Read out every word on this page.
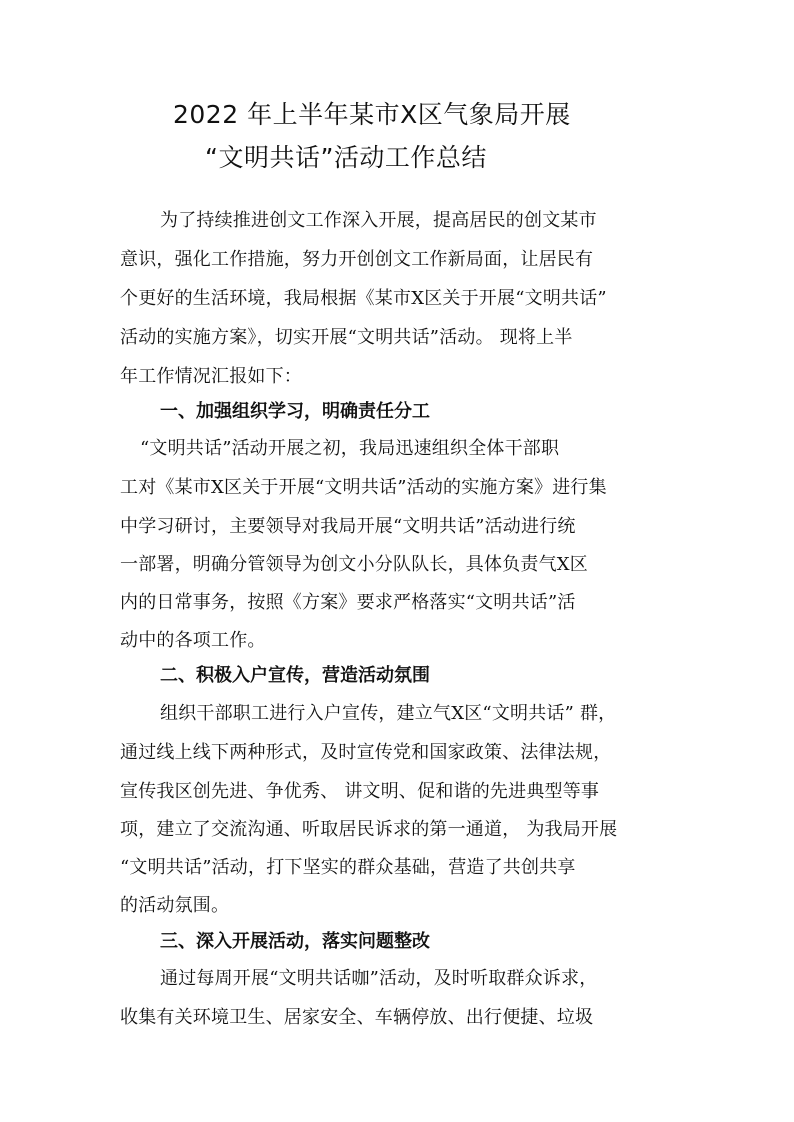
2022 年上半年某市X区气象局开展
“文明共话”活动工作总结

为了持续推进创文工作深入开展，提高居民的创文某市

意识，强化工作措施，努力开创创文工作新局面，让居民有

个更好的生活环境，我局根据《某市X区关于开展“文明共话”

活动的实施方案》，切实开展“文明共话”活动。 现将上半

年工作情况汇报如下：

一、加强组织学习，明确责任分工

“文明共话”活动开展之初，我局迅速组织全体干部职

工对《某市X区关于开展“文明共话”活动的实施方案》进行集

中学习研讨，主要领导对我局开展“文明共话”活动进行统

一部署，明确分管领导为创文小分队队长，具体负责气X区

内的日常事务，按照《方案》要求严格落实“文明共话”活

动中的各项工作。

二、积极入户宣传，营造活动氛围

组织干部职工进行入户宣传，建立气X区“文明共话” 群，

通过线上线下两种形式，及时宣传党和国家政策、法律法规，

宣传我区创先进、争优秀、 讲文明、促和谐的先进典型等事

项，建立了交流沟通、听取居民诉求的第一通道， 为我局开展

“文明共话”活动，打下坚实的群众基础，营造了共创共享

的活动氛围。

三、深入开展活动，落实问题整改

通过每周开展“文明共话咖”活动，及时听取群众诉求，

收集有关环境卫生、居家安全、车辆停放、出行便捷、垃圾
